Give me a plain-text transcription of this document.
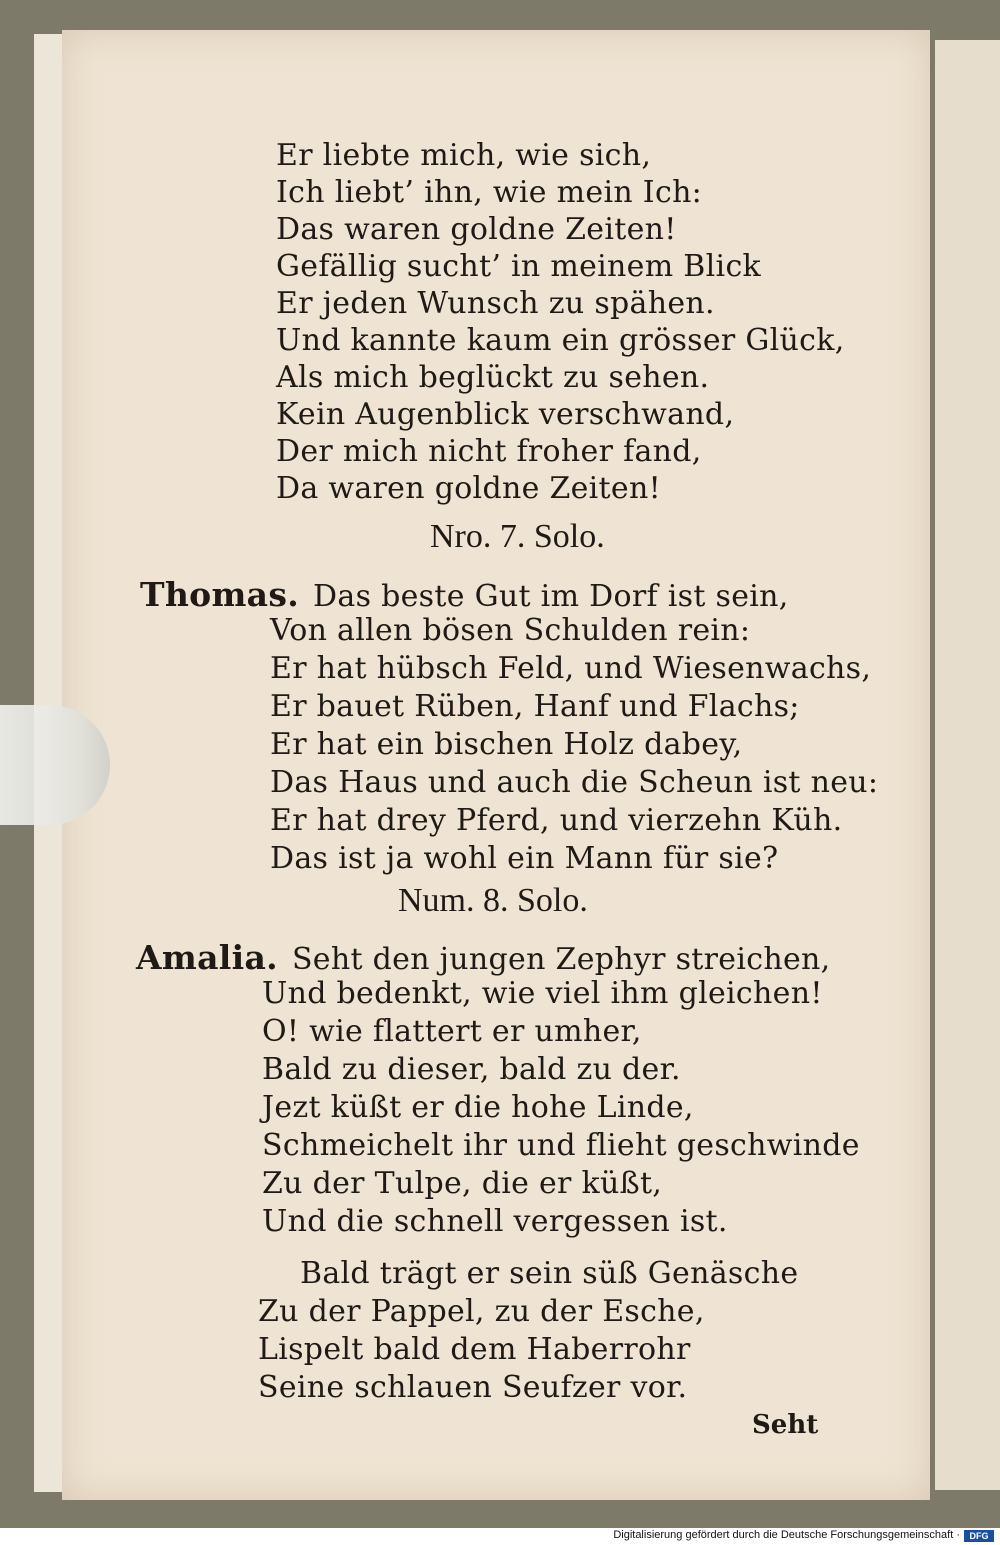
Er liebte mich, wie sich,
Ich liebt’ ihn, wie mein Ich:
Das waren goldne Zeiten!
Gefällig sucht’ in meinem Blick
Er jeden Wunsch zu spähen.
Und kannte kaum ein grösser Glück,
Als mich beglückt zu sehen.
Kein Augenblick verschwand,
Der mich nicht froher fand,
Da waren goldne Zeiten!
Nro. 7. Solo.
Thomas. Das beste Gut im Dorf ist sein,
Von allen bösen Schulden rein:
Er hat hübsch Feld, und Wiesenwachs,
Er bauet Rüben, Hanf und Flachs;
Er hat ein bischen Holz dabey,
Das Haus und auch die Scheun ist neu:
Er hat drey Pferd, und vierzehn Küh.
Das ist ja wohl ein Mann für sie?
Num. 8. Solo.
Amalia. Seht den jungen Zephyr streichen,
Und bedenkt, wie viel ihm gleichen!
O! wie flattert er umher,
Bald zu dieser, bald zu der.
Jezt küßt er die hohe Linde,
Schmeichelt ihr und flieht geschwinde
Zu der Tulpe, die er küßt,
Und die schnell vergessen ist.
Bald trägt er sein süß Genäsche
Zu der Pappel, zu der Esche,
Lispelt bald dem Haberrohr
Seine schlauen Seufzer vor.
Seht
Digitalisierung gefördert durch die Deutsche Forschungsgemeinschaft ·	DFG
